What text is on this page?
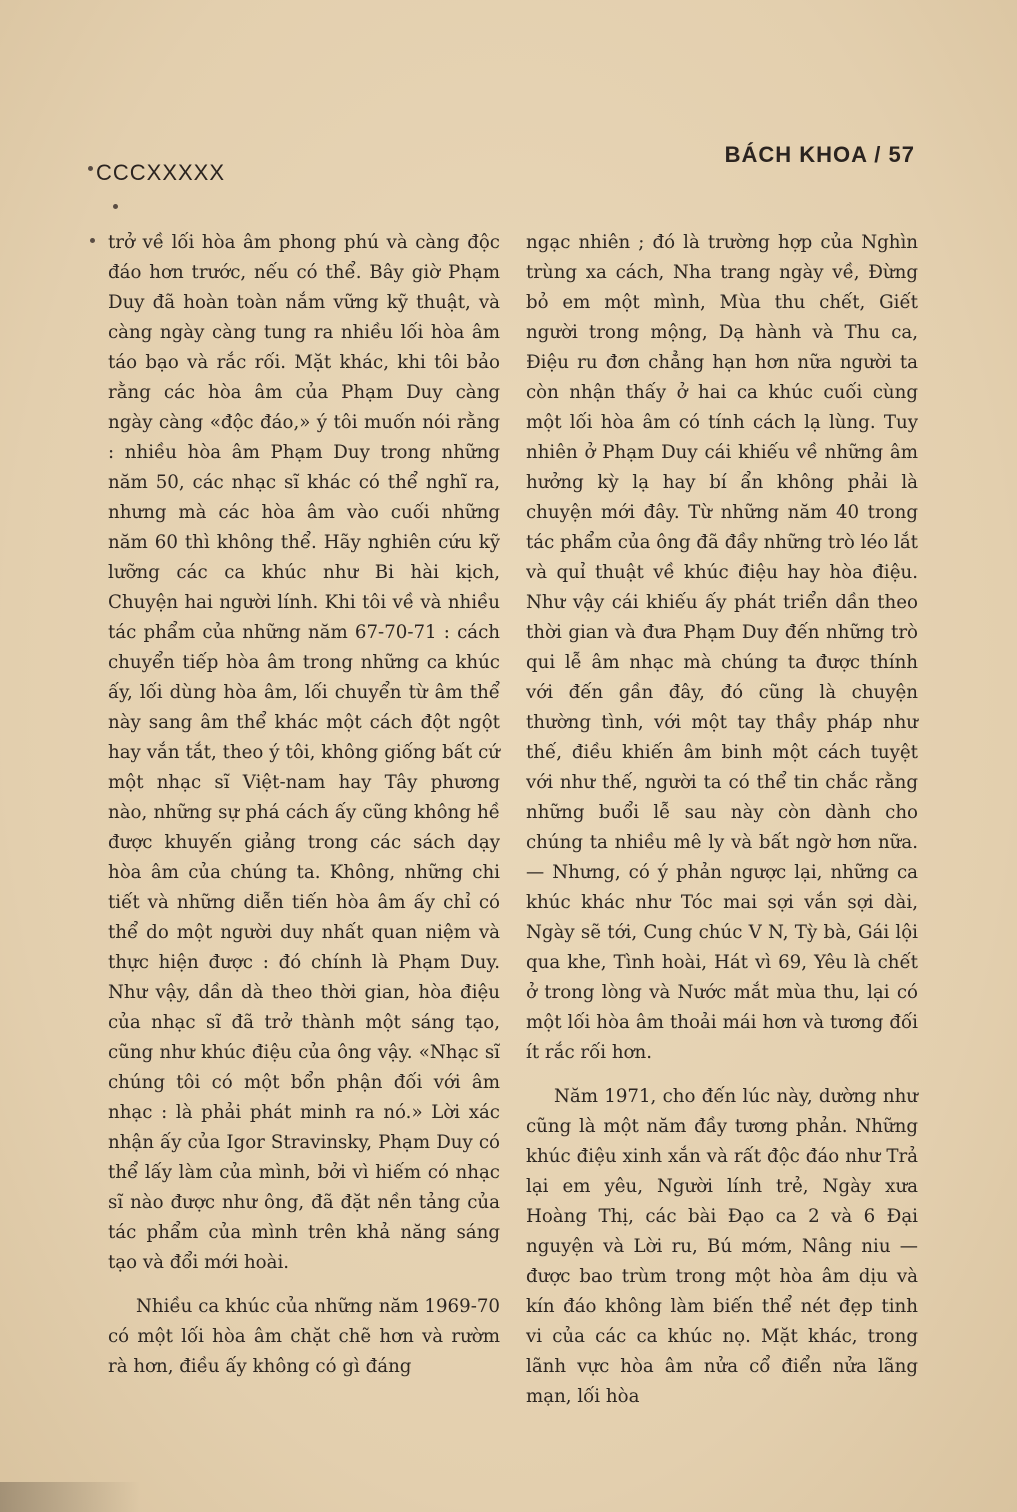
CCCXXXXX
BÁCH KHOA / 57

trở về lối hòa âm phong phú và càng độc đáo hơn trước, nếu có thể. Bây giờ Phạm Duy đã hoàn toàn nắm vững kỹ thuật, và càng ngày càng tung ra nhiều lối hòa âm táo bạo và rắc rối. Mặt khác, khi tôi bảo rằng các hòa âm của Phạm Duy càng ngày càng «độc đáo,» ý tôi muốn nói rằng : nhiều hòa âm Phạm Duy trong những năm 50, các nhạc sĩ khác có thể nghĩ ra, nhưng mà các hòa âm vào cuối những năm 60 thì không thể. Hãy nghiên cứu kỹ lưỡng các ca khúc như Bi hài kịch, Chuyện hai người lính. Khi tôi về và nhiều tác phẩm của những năm 67-70-71 : cách chuyển tiếp hòa âm trong những ca khúc ấy, lối dùng hòa âm, lối chuyển từ âm thể này sang âm thể khác một cách đột ngột hay vắn tắt, theo ý tôi, không giống bất cứ một nhạc sĩ Việt-nam hay Tây phương nào, những sự phá cách ấy cũng không hề được khuyến giảng trong các sách dạy hòa âm của chúng ta. Không, những chi tiết và những diễn tiến hòa âm ấy chỉ có thể do một người duy nhất quan niệm và thực hiện được : đó chính là Phạm Duy. Như vậy, dần dà theo thời gian, hòa điệu của nhạc sĩ đã trở thành một sáng tạo, cũng như khúc điệu của ông vậy. «Nhạc sĩ chúng tôi có một bổn phận đối với âm nhạc : là phải phát minh ra nó.» Lời xác nhận ấy của Igor Stravinsky, Phạm Duy có thể lấy làm của mình, bởi vì hiếm có nhạc sĩ nào được như ông, đã đặt nền tảng của tác phẩm của mình trên khả năng sáng tạo và đổi mới hoài.

Nhiều ca khúc của những năm 1969-70 có một lối hòa âm chặt chẽ hơn và rườm rà hơn, điều ấy không có gì đáng

ngạc nhiên ; đó là trường hợp của Nghìn trùng xa cách, Nha trang ngày về, Đừng bỏ em một mình, Mùa thu chết, Giết người trong mộng, Dạ hành và Thu ca, Điệu ru đơn chẳng hạn hơn nữa người ta còn nhận thấy ở hai ca khúc cuối cùng một lối hòa âm có tính cách lạ lùng. Tuy nhiên ở Phạm Duy cái khiếu về những âm hưởng kỳ lạ hay bí ẩn không phải là chuyện mới đây. Từ những năm 40 trong tác phẩm của ông đã đầy những trò léo lắt và quỉ thuật về khúc điệu hay hòa điệu. Như vậy cái khiếu ấy phát triển dần theo thời gian và đưa Phạm Duy đến những trò qui lễ âm nhạc mà chúng ta được thính với đến gần đây, đó cũng là chuyện thường tình, với một tay thầy pháp như thế, điều khiến âm binh một cách tuyệt với như thế, người ta có thể tin chắc rằng những buổi lễ sau này còn dành cho chúng ta nhiều mê ly và bất ngờ hơn nữa. — Nhưng, có ý phản ngược lại, những ca khúc khác như Tóc mai sợi vắn sợi dài, Ngày sẽ tới, Cung chúc V N, Tỳ bà, Gái lội qua khe, Tình hoài, Hát vì 69, Yêu là chết ở trong lòng và Nước mắt mùa thu, lại có một lối hòa âm thoải mái hơn và tương đối ít rắc rối hơn.

Năm 1971, cho đến lúc này, dường như cũng là một năm đầy tương phản. Những khúc điệu xinh xắn và rất độc đáo như Trả lại em yêu, Người lính trẻ, Ngày xưa Hoàng Thị, các bài Đạo ca 2 và 6 Đại nguyện và Lời ru, Bú mớm, Nâng niu — được bao trùm trong một hòa âm dịu và kín đáo không làm biến thể nét đẹp tinh vi của các ca khúc nọ. Mặt khác, trong lãnh vực hòa âm nửa cổ điển nửa lãng mạn, lối hòa
